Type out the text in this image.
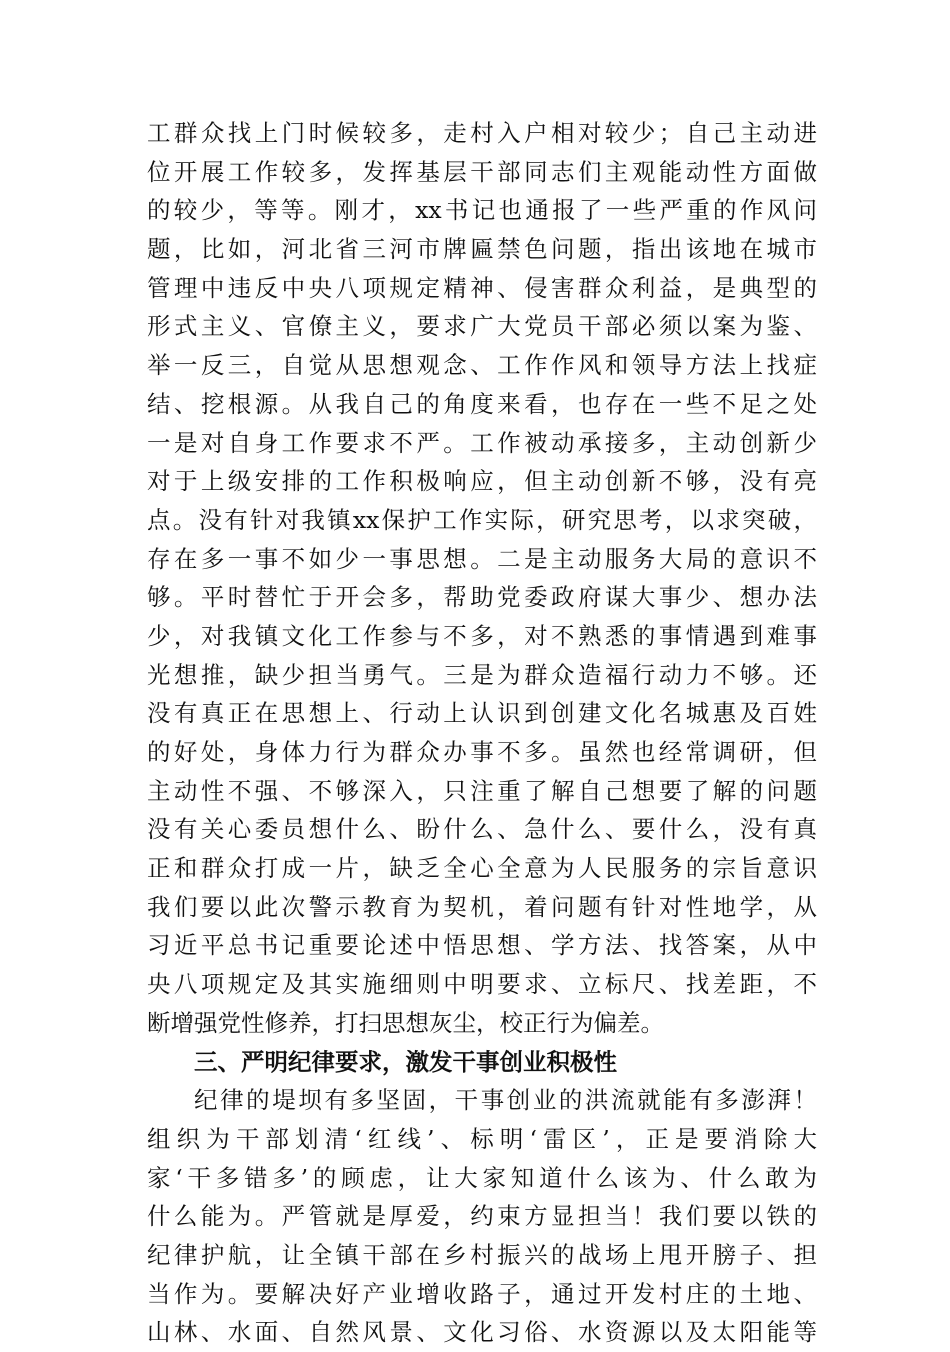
工群众找上门时候较多，走村入户相对较少；自己主动进
位开展工作较多，发挥基层干部同志们主观能动性方面做
的较少，等等。刚才，xx书记也通报了一些严重的作风问
题，比如，河北省三河市牌匾禁色问题，指出该地在城市
管理中违反中央八项规定精神、侵害群众利益，是典型的
形式主义、官僚主义，要求广大党员干部必须以案为鉴、
举一反三，自觉从思想观念、工作作风和领导方法上找症
结、挖根源。从我自己的角度来看，也存在一些不足之处
一是对自身工作要求不严。工作被动承接多，主动创新少
对于上级安排的工作积极响应，但主动创新不够，没有亮
点。没有针对我镇xx保护工作实际，研究思考，以求突破，
存在多一事不如少一事思想。二是主动服务大局的意识不
够。平时替忙于开会多，帮助党委政府谋大事少、想办法
少，对我镇文化工作参与不多，对不熟悉的事情遇到难事
光想推，缺少担当勇气。三是为群众造福行动力不够。还
没有真正在思想上、行动上认识到创建文化名城惠及百姓
的好处，身体力行为群众办事不多。虽然也经常调研，但
主动性不强、不够深入，只注重了解自己想要了解的问题
没有关心委员想什么、盼什么、急什么、要什么，没有真
正和群众打成一片，缺乏全心全意为人民服务的宗旨意识
我们要以此次警示教育为契机，着问题有针对性地学，从
习近平总书记重要论述中悟思想、学方法、找答案，从中
央八项规定及其实施细则中明要求、立标尺、找差距，不
断增强党性修养，打扫思想灰尘，校正行为偏差。
三、严明纪律要求，激发干事创业积极性
纪律的堤坝有多坚固，干事创业的洪流就能有多澎湃！
组织为干部划清‘红线’、标明‘雷区’，正是要消除大
家‘干多错多’的顾虑，让大家知道什么该为、什么敢为
什么能为。严管就是厚爱，约束方显担当！我们要以铁的
纪律护航，让全镇干部在乡村振兴的战场上甩开膀子、担
当作为。要解决好产业增收路子，通过开发村庄的土地、
山林、水面、自然风景、文化习俗、水资源以及太阳能等
